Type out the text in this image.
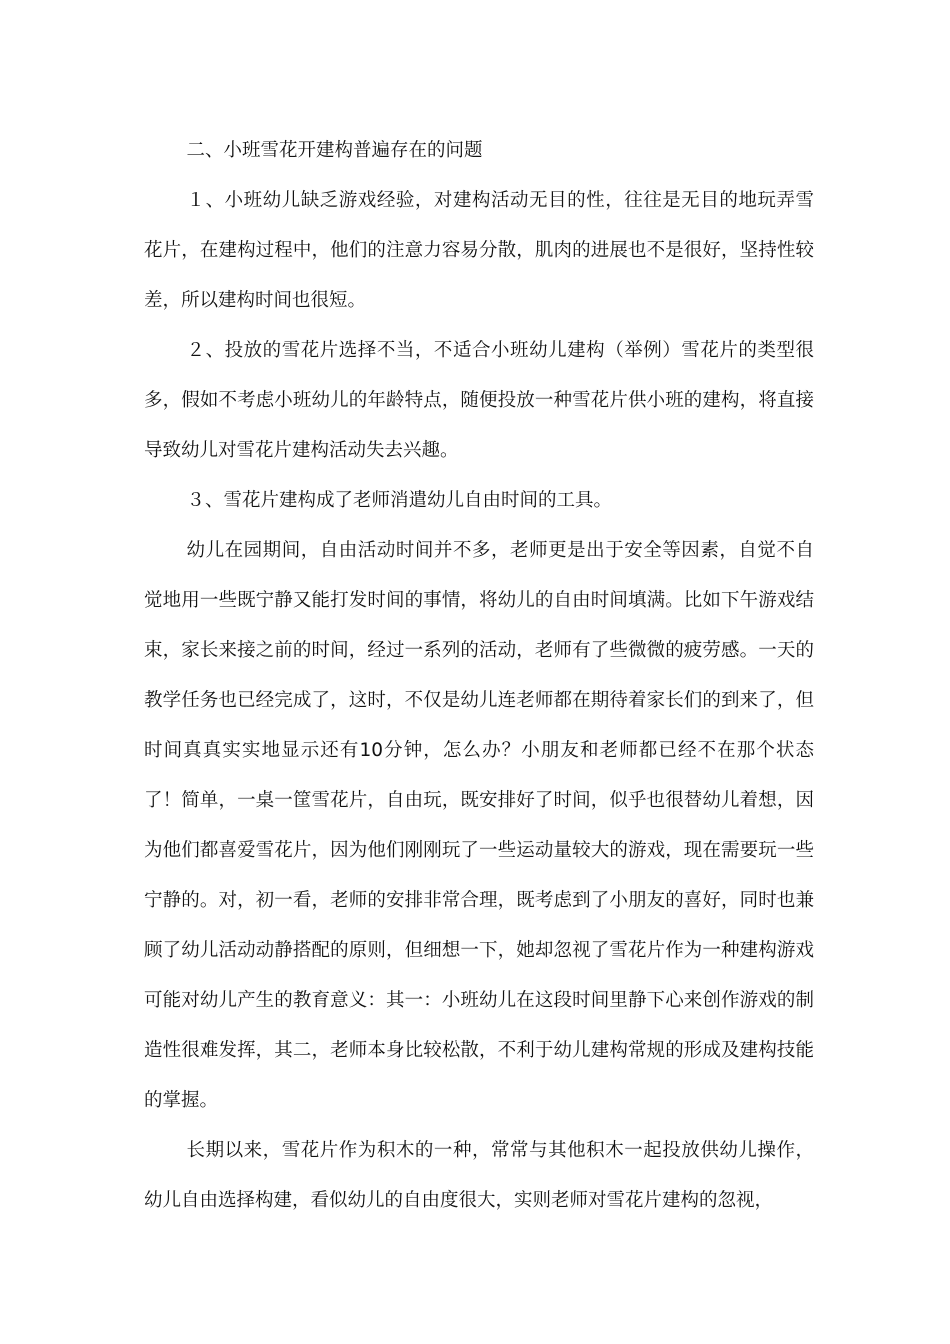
二、小班雪花开建构普遍存在的问题

１、小班幼儿缺乏游戏经验，对建构活动无目的性，往往是无目的地玩弄雪花片，在建构过程中，他们的注意力容易分散，肌肉的进展也不是很好，坚持性较差，所以建构时间也很短。

２、投放的雪花片选择不当，不适合小班幼儿建构（举例）雪花片的类型很多，假如不考虑小班幼儿的年龄特点，随便投放一种雪花片供小班的建构，将直接导致幼儿对雪花片建构活动失去兴趣。

３、雪花片建构成了老师消遣幼儿自由时间的工具。

幼儿在园期间，自由活动时间并不多，老师更是出于安全等因素，自觉不自觉地用一些既宁静又能打发时间的事情，将幼儿的自由时间填满。比如下午游戏结束，家长来接之前的时间，经过一系列的活动，老师有了些微微的疲劳感。一天的教学任务也已经完成了，这时，不仅是幼儿连老师都在期待着家长们的到来了，但时间真真实实地显示还有10分钟，怎么办？小朋友和老师都已经不在那个状态了！简单，一桌一筐雪花片，自由玩，既安排好了时间，似乎也很替幼儿着想，因为他们都喜爱雪花片，因为他们刚刚玩了一些运动量较大的游戏，现在需要玩一些宁静的。对，初一看，老师的安排非常合理，既考虑到了小朋友的喜好，同时也兼顾了幼儿活动动静搭配的原则，但细想一下，她却忽视了雪花片作为一种建构游戏可能对幼儿产生的教育意义：其一：小班幼儿在这段时间里静下心来创作游戏的制造性很难发挥，其二，老师本身比较松散，不利于幼儿建构常规的形成及建构技能的掌握。

长期以来，雪花片作为积木的一种，常常与其他积木一起投放供幼儿操作，幼儿自由选择构建，看似幼儿的自由度很大，实则老师对雪花片建构的忽视，
